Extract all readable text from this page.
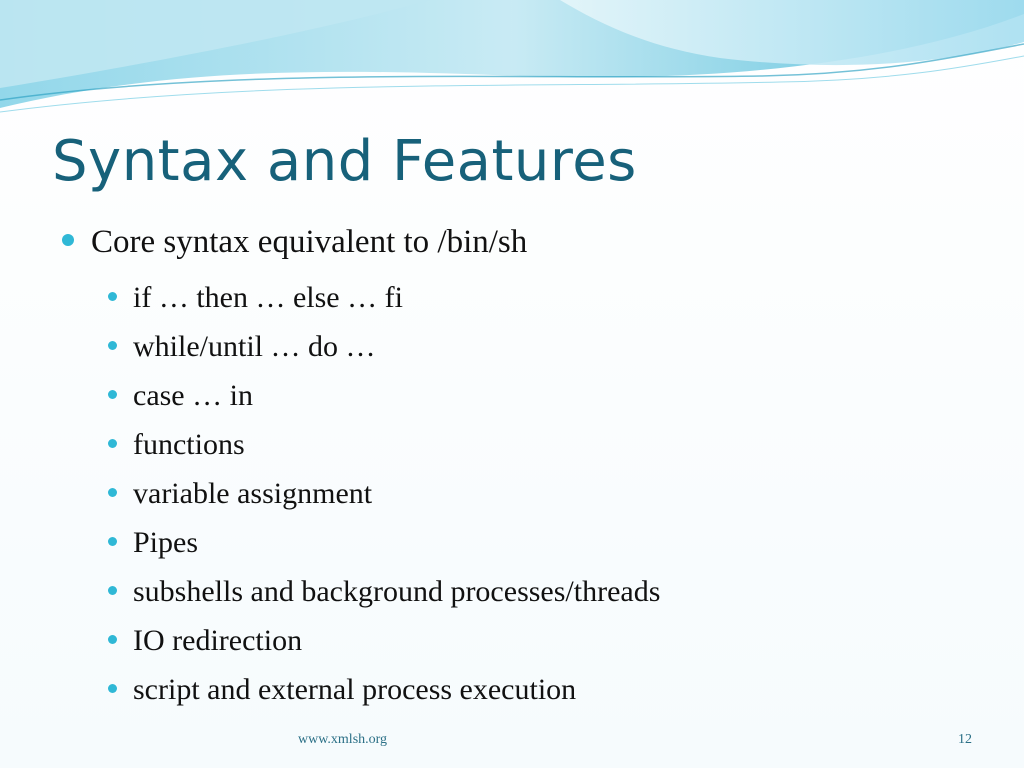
Syntax and Features
Core syntax equivalent to /bin/sh
if … then … else … fi
while/until … do …
case … in
functions
variable assignment
Pipes
subshells and background processes/threads
IO redirection
script and external process execution
www.xmlsh.org	12
